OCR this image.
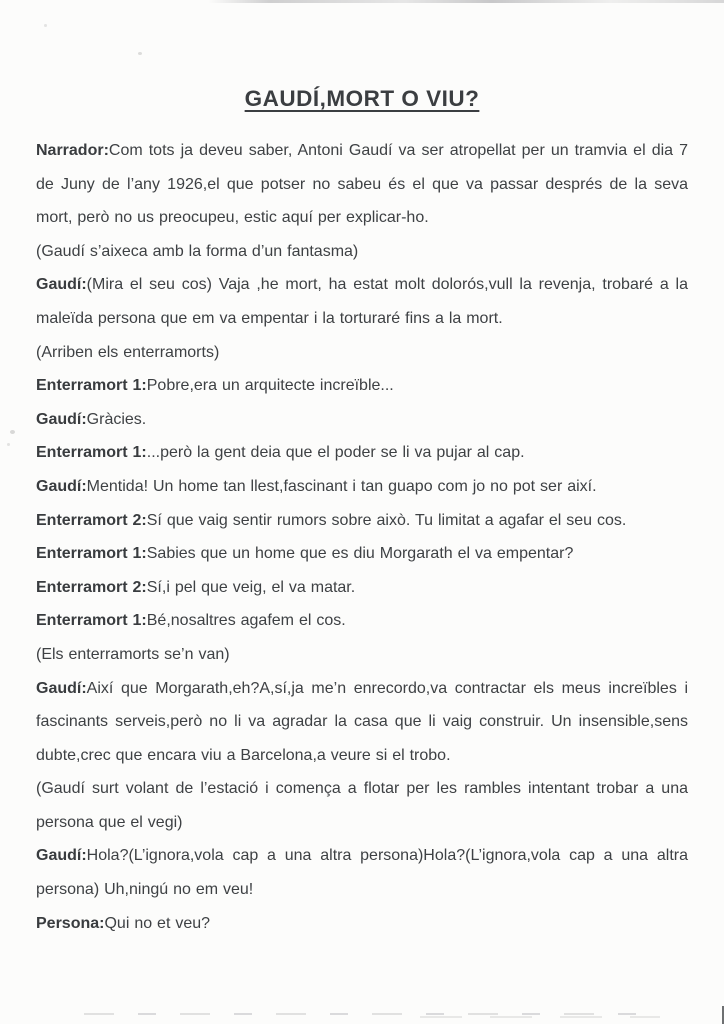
GAUDÍ,MORT O VIU?

Narrador:Com tots ja deveu saber, Antoni Gaudí va ser atropellat per un tramvia el dia 7 de Juny de l’any 1926,el que potser no sabeu és el que va passar després de la seva mort, però no us preocupeu, estic aquí per explicar-ho.

(Gaudí s’aixeca amb la forma d’un fantasma)

Gaudí:(Mira el seu cos) Vaja ,he mort, ha estat molt dolorós,vull la revenja, trobaré a la maleïda persona que em va empentar i la torturaré fins a la mort.

(Arriben els enterramorts)

Enterramort 1:Pobre,era un arquitecte increïble...

Gaudí:Gràcies.

Enterramort 1:...però la gent deia que el poder se li va pujar al cap.

Gaudí:Mentida! Un home tan llest,fascinant i tan guapo com jo no pot ser així.

Enterramort 2:Sí que vaig sentir rumors sobre això. Tu limitat a agafar el seu cos.

Enterramort 1:Sabies que un home que es diu Morgarath el va empentar?

Enterramort 2:Sí,i pel que veig, el va matar.

Enterramort 1:Bé,nosaltres agafem el cos.

(Els enterramorts se’n van)

Gaudí:Així que Morgarath,eh?A,sí,ja me’n enrecordo,va contractar els meus increïbles i fascinants serveis,però no li va agradar la casa que li vaig construir. Un insensible,sens dubte,crec que encara viu a Barcelona,a veure si el trobo.

(Gaudí surt volant de l’estació i comença a flotar per les rambles intentant trobar a una persona que el vegi)

Gaudí:Hola?(L’ignora,vola cap a una altra persona)Hola?(L’ignora,vola cap a una altra persona) Uh,ningú no em veu!

Persona:Qui no et veu?
